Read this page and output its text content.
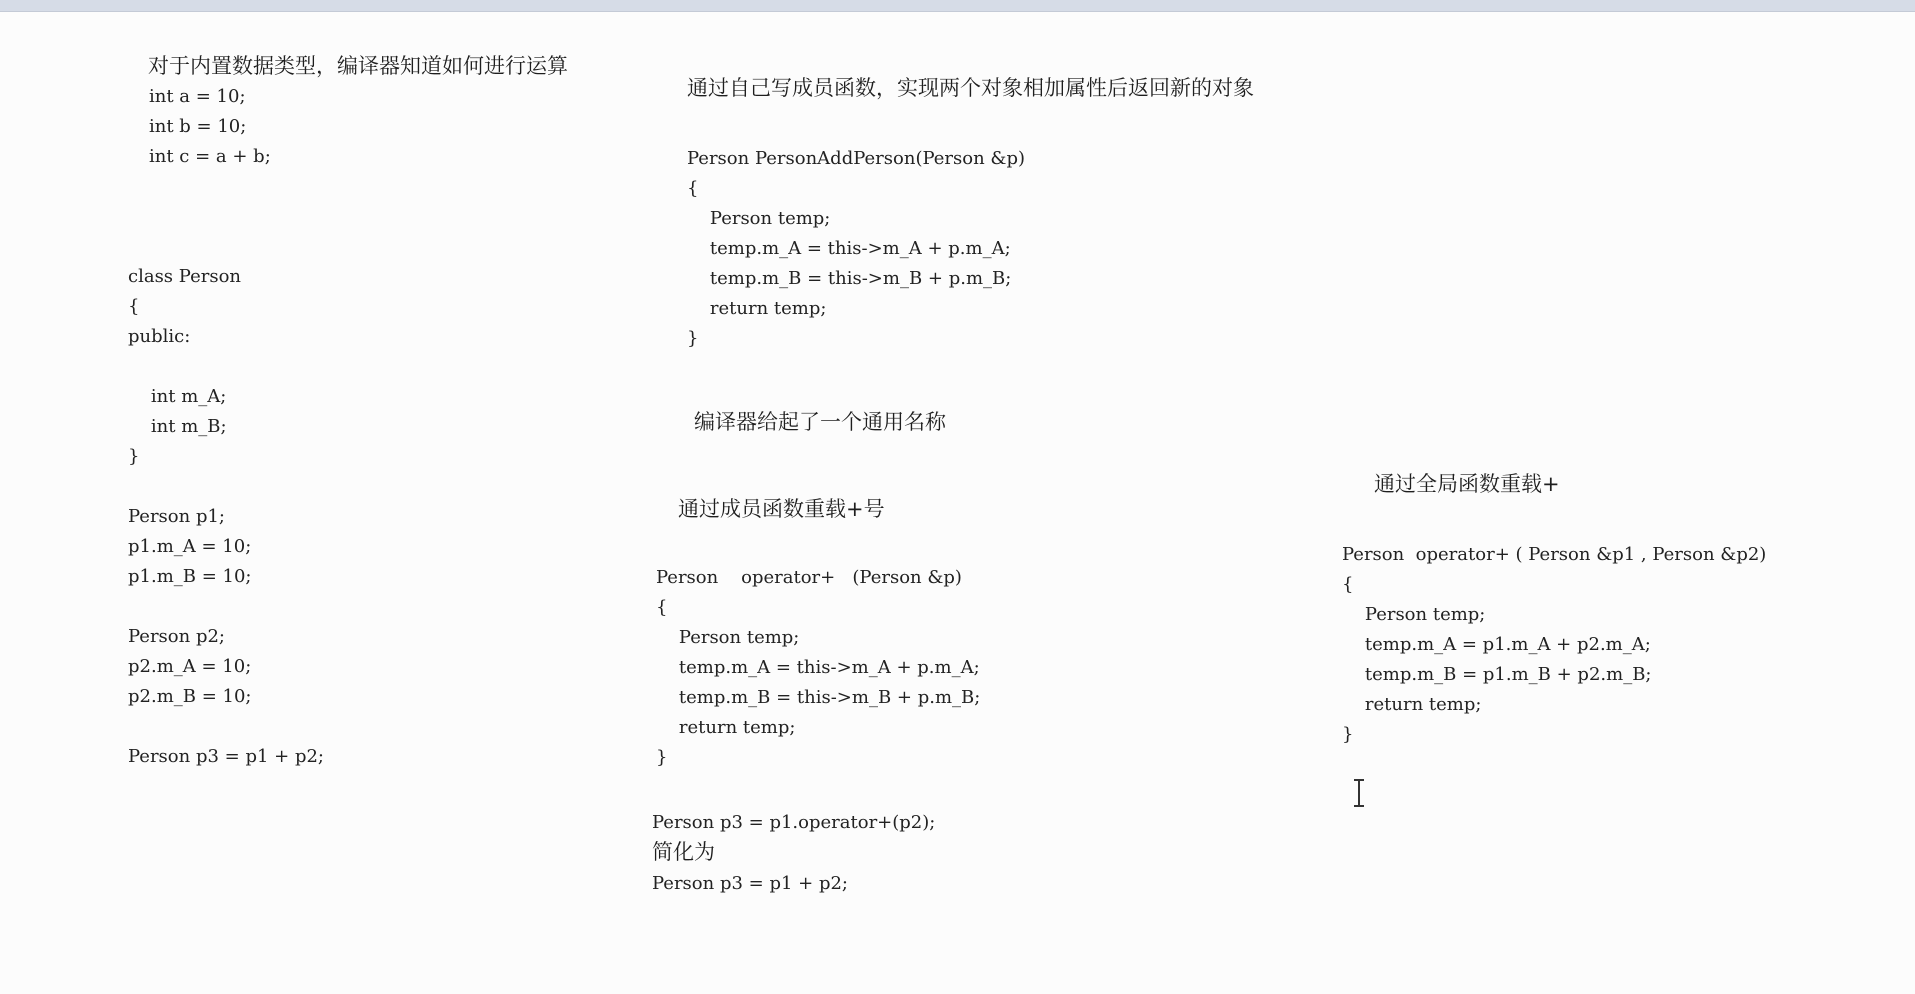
对于内置数据类型，编译器知道如何进行运算
int a = 10;
int b = 10;
int c = a + b;
class Person
{
public:
int m_A;
int m_B;
}
Person p1;
p1.m_A = 10;
p1.m_B = 10;
Person p2;
p2.m_A = 10;
p2.m_B = 10;
Person p3 = p1 + p2;
通过自己写成员函数，实现两个对象相加属性后返回新的对象
Person PersonAddPerson(Person &p)
{
Person temp;
temp.m_A = this->m_A + p.m_A;
temp.m_B = this->m_B + p.m_B;
return temp;
}
编译器给起了一个通用名称
通过成员函数重载+号
Person    operator+   (Person &p)
{
Person temp;
temp.m_A = this->m_A + p.m_A;
temp.m_B = this->m_B + p.m_B;
return temp;
}
Person p3 = p1.operator+(p2);
简化为
Person p3 = p1 + p2;
通过全局函数重载+
Person  operator+ ( Person &p1 , Person &p2)
{
Person temp;
temp.m_A = p1.m_A + p2.m_A;
temp.m_B = p1.m_B + p2.m_B;
return temp;
}
